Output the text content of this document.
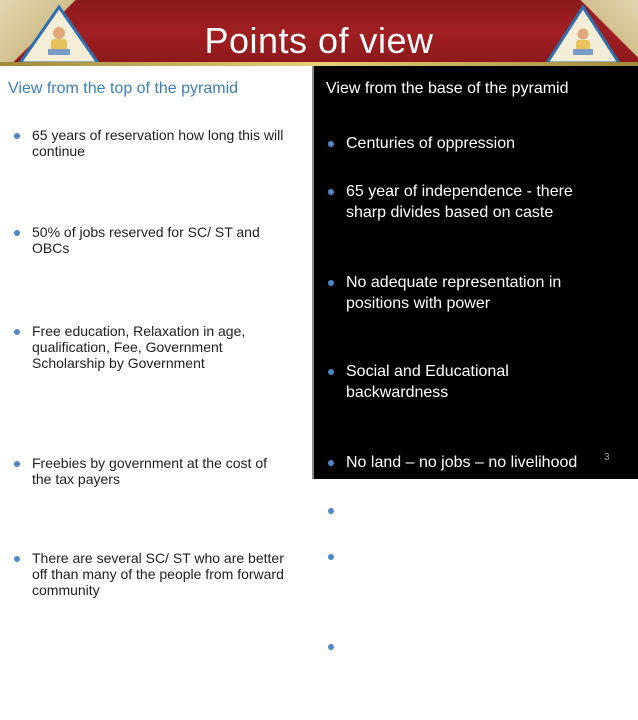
Points of view
View from the top of the pyramid	View from the base of the pyramid
65 years of reservation how long this will continue
50% of jobs reserved for SC/ ST and OBCs
Free education, Relaxation in age, qualification, Fee, Government Scholarship by Government
Freebies by government at the cost of the tax payers
There are several SC/ ST who are better off than many of the people from forward community
Centuries of oppression
65 year of independence - there sharp divides based on caste
No adequate representation in positions with power
Social and Educational backwardness
No land – no jobs – no livelihood
Rules are for the sake of rules
Government schemes do not reach the actual needy
In 40 Central Universities – Out of 2512 (SC quota) 1779 are vacant post. Out of 930(ST quota) 753 posts are vacant
3
